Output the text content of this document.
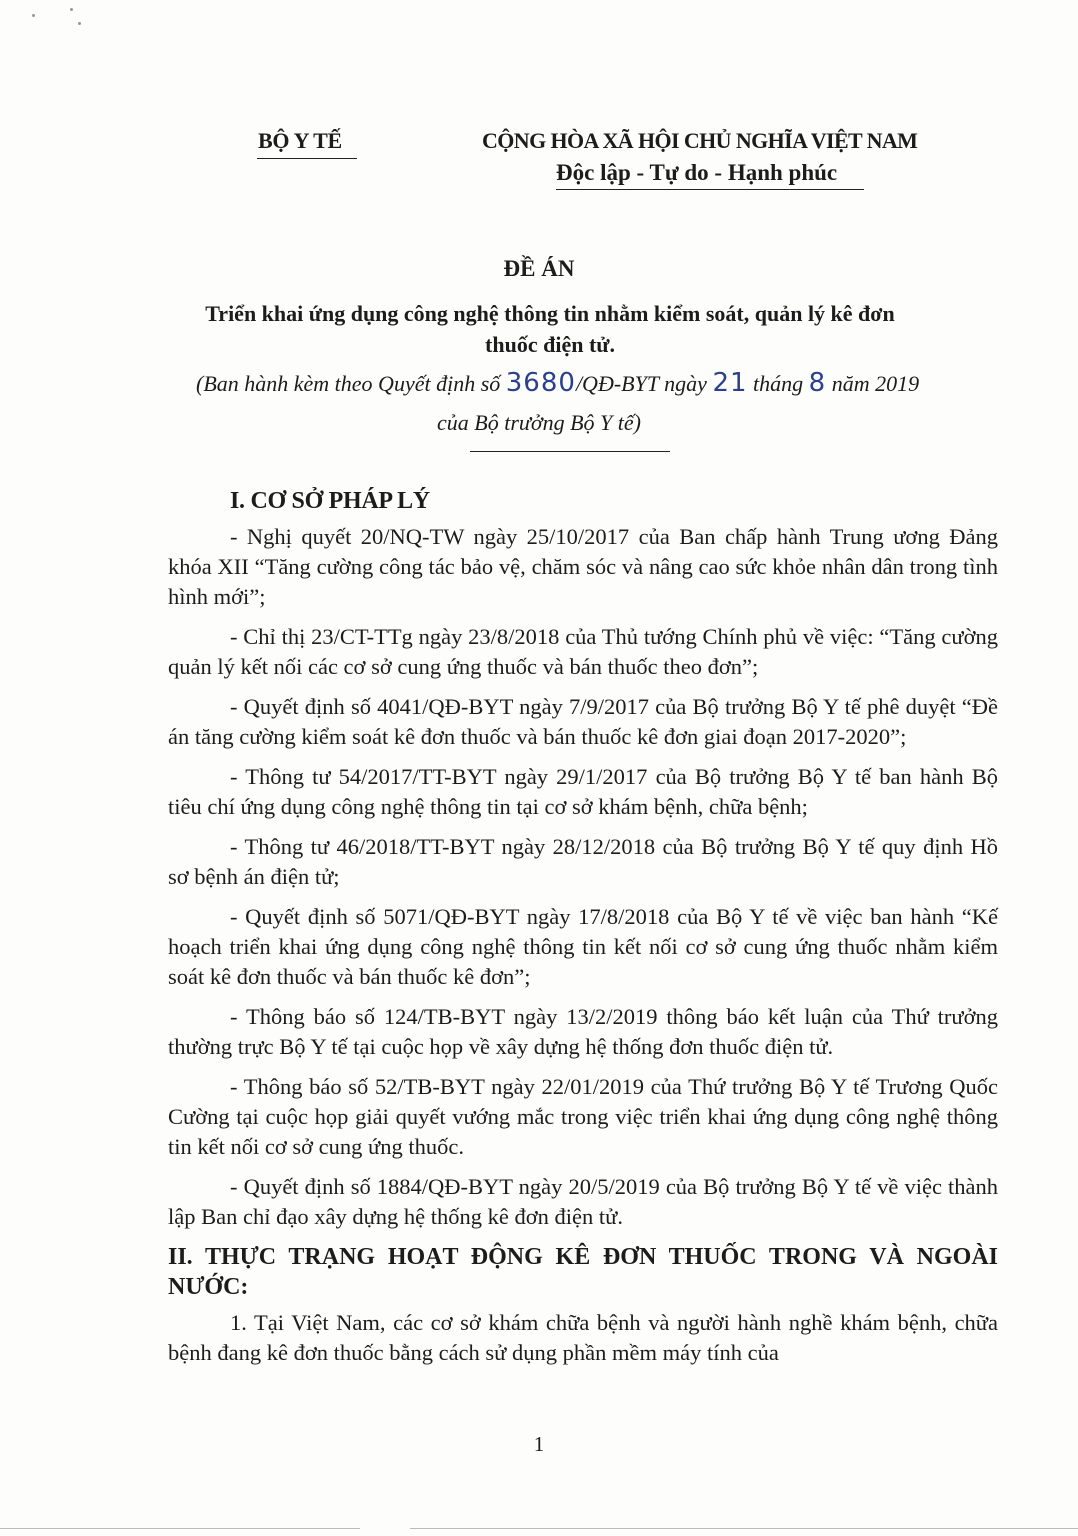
BỘ Y TẾ	CỘNG HÒA XÃ HỘI CHỦ NGHĨA VIỆT NAM
Độc lập - Tự do - Hạnh phúc
ĐỀ ÁN
Triển khai ứng dụng công nghệ thông tin nhằm kiểm soát, quản lý kê đơn thuốc điện tử.
(Ban hành kèm theo Quyết định số 3680/QĐ-BYT ngày 21 tháng 8 năm 2019
của Bộ trưởng Bộ Y tế)
I. CƠ SỞ PHÁP LÝ
- Nghị quyết 20/NQ-TW ngày 25/10/2017 của Ban chấp hành Trung ương Đảng khóa XII “Tăng cường công tác bảo vệ, chăm sóc và nâng cao sức khỏe nhân dân trong tình hình mới”;
- Chỉ thị 23/CT-TTg ngày 23/8/2018 của Thủ tướng Chính phủ về việc: “Tăng cường quản lý kết nối các cơ sở cung ứng thuốc và bán thuốc theo đơn”;
- Quyết định số 4041/QĐ-BYT ngày 7/9/2017 của Bộ trưởng Bộ Y tế phê duyệt “Đề án tăng cường kiểm soát kê đơn thuốc và bán thuốc kê đơn giai đoạn 2017-2020”;
- Thông tư 54/2017/TT-BYT ngày 29/1/2017 của Bộ trưởng Bộ Y tế ban hành Bộ tiêu chí ứng dụng công nghệ thông tin tại cơ sở khám bệnh, chữa bệnh;
- Thông tư 46/2018/TT-BYT ngày 28/12/2018 của Bộ trưởng Bộ Y tế quy định Hồ sơ bệnh án điện tử;
- Quyết định số 5071/QĐ-BYT ngày 17/8/2018 của Bộ Y tế về việc ban hành “Kế hoạch triển khai ứng dụng công nghệ thông tin kết nối cơ sở cung ứng thuốc nhằm kiểm soát kê đơn thuốc và bán thuốc kê đơn”;
- Thông báo số 124/TB-BYT ngày 13/2/2019 thông báo kết luận của Thứ trưởng thường trực Bộ Y tế tại cuộc họp về xây dựng hệ thống đơn thuốc điện tử.
- Thông báo số 52/TB-BYT ngày 22/01/2019 của Thứ trưởng Bộ Y tế Trương Quốc Cường tại cuộc họp giải quyết vướng mắc trong việc triển khai ứng dụng công nghệ thông tin kết nối cơ sở cung ứng thuốc.
- Quyết định số 1884/QĐ-BYT ngày 20/5/2019 của Bộ trưởng Bộ Y tế về việc thành lập Ban chỉ đạo xây dựng hệ thống kê đơn điện tử.
II. THỰC TRẠNG HOẠT ĐỘNG KÊ ĐƠN THUỐC TRONG VÀ NGOÀI NƯỚC:
1. Tại Việt Nam, các cơ sở khám chữa bệnh và người hành nghề khám bệnh, chữa bệnh đang kê đơn thuốc bằng cách sử dụng phần mềm máy tính của
1
